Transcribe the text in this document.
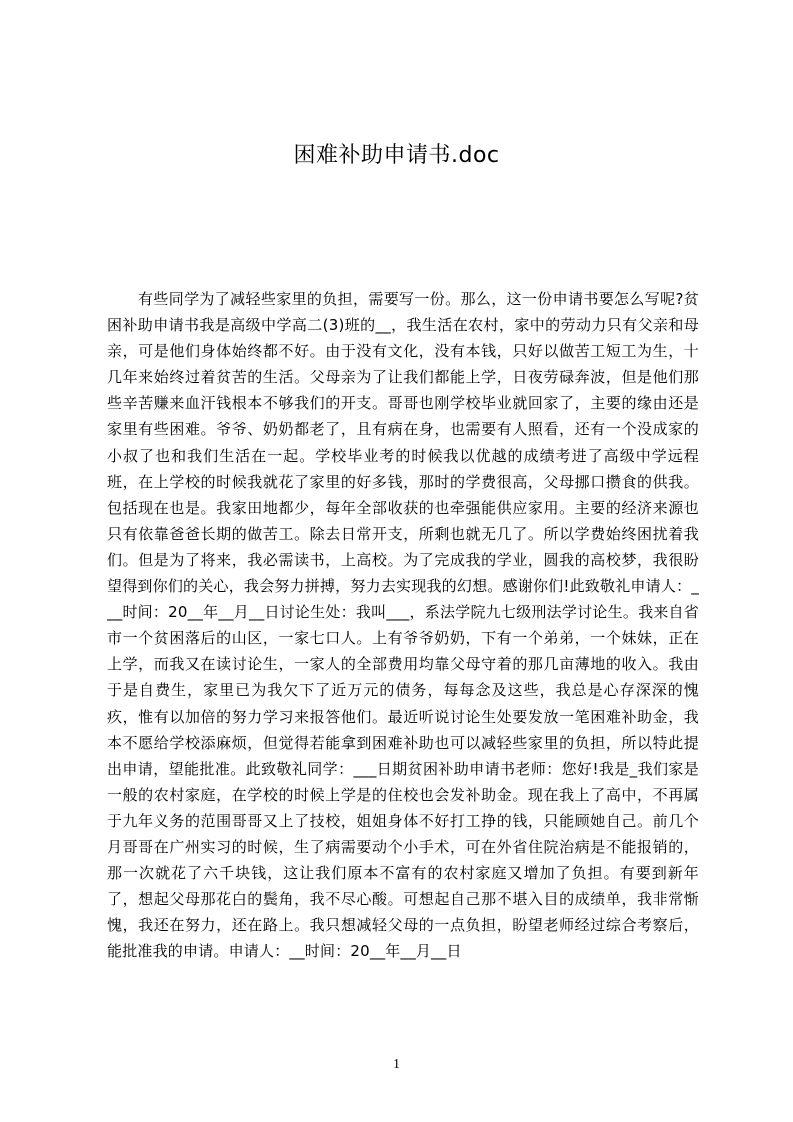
困难补助申请书.doc

有些同学为了减轻些家里的负担，需要写一份。那么，这一份申请书要怎么写呢?贫困补助申请书我是高级中学高二(3)班的__，我生活在农村，家中的劳动力只有父亲和母亲，可是他们身体始终都不好。由于没有文化，没有本钱，只好以做苦工短工为生，十几年来始终过着贫苦的生活。父母亲为了让我们都能上学，日夜劳碌奔波，但是他们那些辛苦赚来血汗钱根本不够我们的开支。哥哥也刚学校毕业就回家了，主要的缘由还是家里有些困难。爷爷、奶奶都老了，且有病在身，也需要有人照看，还有一个没成家的小叔了也和我们生活在一起。学校毕业考的时候我以优越的成绩考进了高级中学远程班，在上学校的时候我就花了家里的好多钱，那时的学费很高，父母挪口攒食的供我。包括现在也是。我家田地都少，每年全部收获的也牵强能供应家用。主要的经济来源也只有依靠爸爸长期的做苦工。除去日常开支，所剩也就无几了。所以学费始终困扰着我们。但是为了将来，我必需读书，上高校。为了完成我的学业，圆我的高校梦，我很盼望得到你们的关心，我会努力拼搏，努力去实现我的幻想。感谢你们!此致敬礼申请人：___时间：20__年__月__日讨论生处：我叫___，系法学院九七级刑法学讨论生。我来自省市一个贫困落后的山区，一家七口人。上有爷爷奶奶，下有一个弟弟，一个妹妹，正在上学，而我又在读讨论生，一家人的全部费用均靠父母守着的那几亩薄地的收入。我由于是自费生，家里已为我欠下了近万元的债务，每每念及这些，我总是心存深深的愧疚，惟有以加倍的努力学习来报答他们。最近听说讨论生处要发放一笔困难补助金，我本不愿给学校添麻烦，但觉得若能拿到困难补助也可以减轻些家里的负担，所以特此提出申请，望能批准。此致敬礼同学：___日期贫困补助申请书老师：您好!我是_我们家是一般的农村家庭，在学校的时候上学是的住校也会发补助金。现在我上了高中，不再属于九年义务的范围哥哥又上了技校，姐姐身体不好打工挣的钱，只能顾她自己。前几个月哥哥在广州实习的时候，生了病需要动个小手术，可在外省住院治病是不能报销的，那一次就花了六千块钱，这让我们原本不富有的农村家庭又增加了负担。有要到新年了，想起父母那花白的鬓角，我不尽心酸。可想起自己那不堪入目的成绩单，我非常惭愧，我还在努力，还在路上。我只想减轻父母的一点负担，盼望老师经过综合考察后，能批准我的申请。申请人：__时间：20__年__月__日

1
